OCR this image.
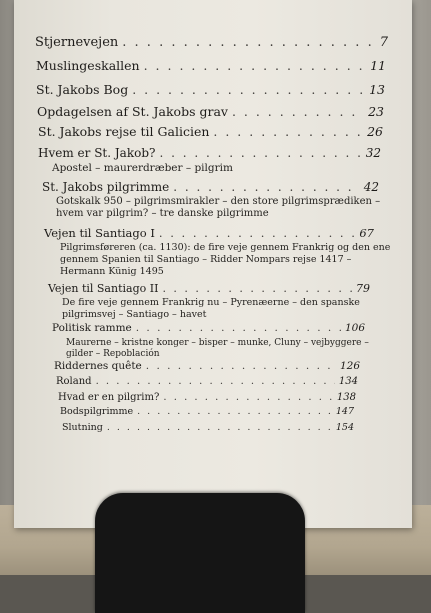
Stjernevejen . . .	7
Muslingeskallen . . .	11
St. Jakobs Bog . . .	13
Opdagelsen af St. Jakobs grav . . .	23
St. Jakobs rejse til Galicien . . .	26
Hvem er St. Jakob? . . .	32
Apostel – maurerdræber – pilgrim
St. Jakobs pilgrimme . . .	42
Gotskalk 950 – pilgrimsmirakler – den store pilgrimsprædiken –
hvem var pilgrim? – tre danske pilgrimme
Vejen til Santiago I . . .	67
Pilgrimsføreren (ca. 1130): de fire veje gennem Frankrig og den ene
gennem Spanien til Santiago – Ridder Nompars rejse 1417 –
Hermann Künig 1495
Vejen til Santiago II . . .	79
De fire veje gennem Frankrig nu – Pyrenæerne – den spanske
pilgrimsvej – Santiago – havet
Politisk ramme . . .	106
Maurerne – kristne konger – bisper – munke, Cluny – vejbyggere –
gilder – Repoblación
Riddernes quête . . .	126
Roland . . .	134
Hvad er en pilgrim? . . .	138
Bodspilgrimme . . .	147
Slutning . . .	154
